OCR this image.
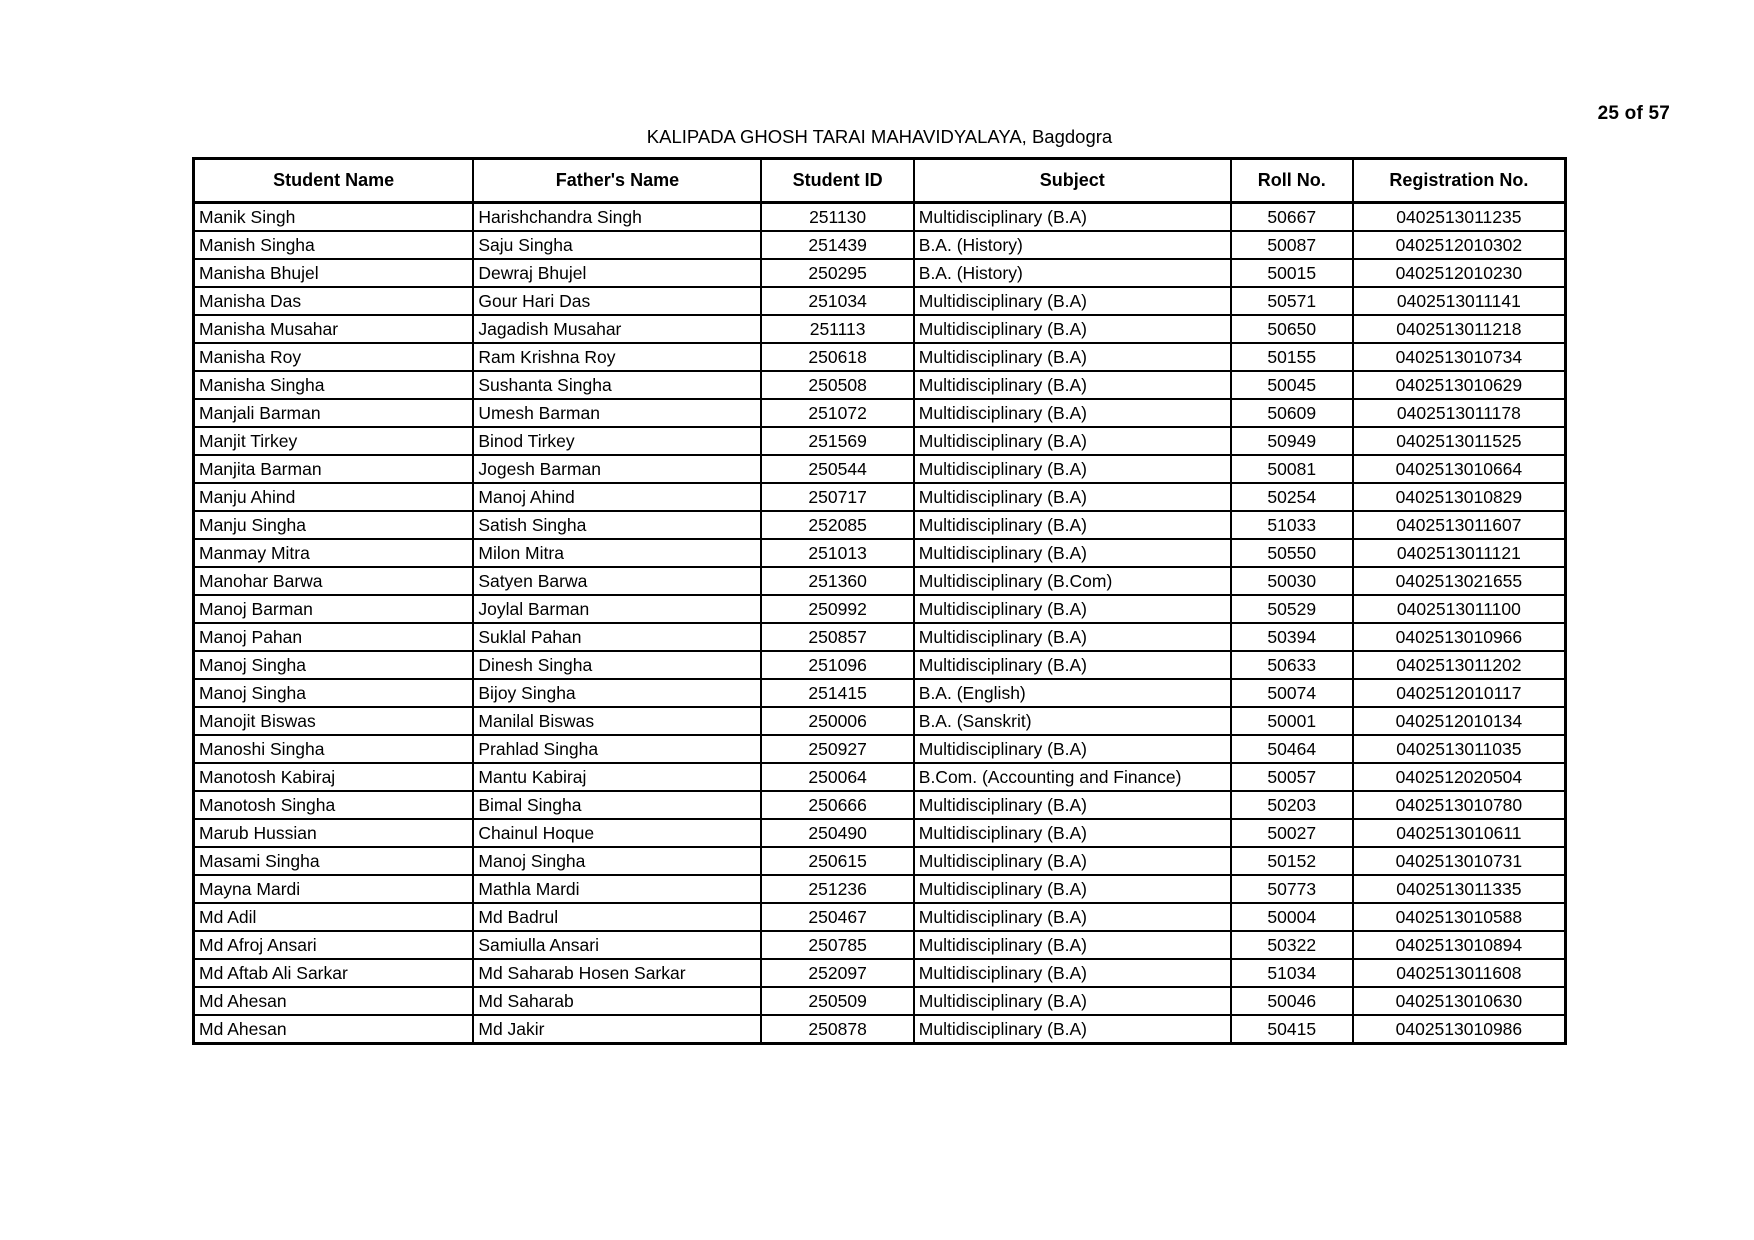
25 of 57
KALIPADA GHOSH TARAI MAHAVIDYALAYA, Bagdogra
Student Name	Father's Name	Student ID	Subject	Roll No.	Registration No.
Manik Singh	Harishchandra Singh	251130	Multidisciplinary (B.A)	50667	0402513011235
Manish Singha	Saju Singha	251439	B.A. (History)	50087	0402512010302
Manisha Bhujel	Dewraj Bhujel	250295	B.A. (History)	50015	0402512010230
Manisha Das	Gour Hari Das	251034	Multidisciplinary (B.A)	50571	0402513011141
Manisha Musahar	Jagadish Musahar	251113	Multidisciplinary (B.A)	50650	0402513011218
Manisha Roy	Ram Krishna Roy	250618	Multidisciplinary (B.A)	50155	0402513010734
Manisha Singha	Sushanta Singha	250508	Multidisciplinary (B.A)	50045	0402513010629
Manjali Barman	Umesh Barman	251072	Multidisciplinary (B.A)	50609	0402513011178
Manjit Tirkey	Binod Tirkey	251569	Multidisciplinary (B.A)	50949	0402513011525
Manjita Barman	Jogesh Barman	250544	Multidisciplinary (B.A)	50081	0402513010664
Manju Ahind	Manoj Ahind	250717	Multidisciplinary (B.A)	50254	0402513010829
Manju Singha	Satish Singha	252085	Multidisciplinary (B.A)	51033	0402513011607
Manmay Mitra	Milon Mitra	251013	Multidisciplinary (B.A)	50550	0402513011121
Manohar Barwa	Satyen Barwa	251360	Multidisciplinary (B.Com)	50030	0402513021655
Manoj Barman	Joylal Barman	250992	Multidisciplinary (B.A)	50529	0402513011100
Manoj Pahan	Suklal Pahan	250857	Multidisciplinary (B.A)	50394	0402513010966
Manoj Singha	Dinesh Singha	251096	Multidisciplinary (B.A)	50633	0402513011202
Manoj Singha	Bijoy Singha	251415	B.A. (English)	50074	0402512010117
Manojit Biswas	Manilal Biswas	250006	B.A. (Sanskrit)	50001	0402512010134
Manoshi Singha	Prahlad Singha	250927	Multidisciplinary (B.A)	50464	0402513011035
Manotosh Kabiraj	Mantu Kabiraj	250064	B.Com. (Accounting and Finance)	50057	0402512020504
Manotosh Singha	Bimal Singha	250666	Multidisciplinary (B.A)	50203	0402513010780
Marub Hussian	Chainul Hoque	250490	Multidisciplinary (B.A)	50027	0402513010611
Masami Singha	Manoj Singha	250615	Multidisciplinary (B.A)	50152	0402513010731
Mayna Mardi	Mathla Mardi	251236	Multidisciplinary (B.A)	50773	0402513011335
Md Adil	Md Badrul	250467	Multidisciplinary (B.A)	50004	0402513010588
Md Afroj Ansari	Samiulla Ansari	250785	Multidisciplinary (B.A)	50322	0402513010894
Md Aftab Ali Sarkar	Md Saharab Hosen Sarkar	252097	Multidisciplinary (B.A)	51034	0402513011608
Md Ahesan	Md Saharab	250509	Multidisciplinary (B.A)	50046	0402513010630
Md Ahesan	Md Jakir	250878	Multidisciplinary (B.A)	50415	0402513010986
